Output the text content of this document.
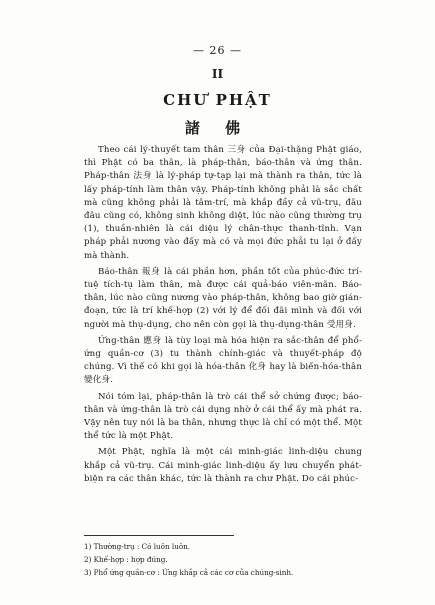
— 26 —
II
CHƯ PHẬT
諸 佛

Theo cái lý-thuyết tam thân 三身 của Đại-thặng Phật giáo, thì Phật có ba thân, là pháp-thân, báo-thân và ứng thân. Pháp-thân 法身 là lý-pháp tự-tạp lại mà thành ra thân, tức là lấy pháp-tính làm thân vậy. Pháp-tính không phải là sắc chất mà cũng không phải là tâm-trí, mà khắp đầy cả vũ-trụ, đâu đâu cũng có, không sinh không diệt, lúc nào cũng thường trụ (1), thuần-nhiên là cái diệu lý chân-thực thanh-tĩnh. Vạn pháp phải nương vào đấy mà có và mọi đức phải tu lại ở đấy mà thành.

Báo-thân 報身 là cái phần hơn, phần tốt của phúc-đức trí-tuệ tích-tụ làm thân, mà được cái quả-báo viên-mãn. Báo-thân, lúc nào cũng nương vào pháp-thân, không bao giờ gián-đoạn, tức là trí khế-hợp (2) với lý để đối đãi mình và đối với người mà thụ-dụng, cho nên còn gọi là thụ-dụng-thân 受用身.

Ứng-thân 應身 là tùy loại mà hóa hiện ra sắc-thân để phổ-ứng quần-cơ (3) tu thành chính-giác và thuyết-pháp độ chúng. Vì thế có khi gọi là hóa-thân 化身 hay là biến-hóa-thân 變化身.

Nói tóm lại, pháp-thân là trò cái thể sở chứng được; báo-thân và ứng-thân là trò cái dụng nhờ ở cái thể ấy mà phát ra. Vậy nên tuy nói là ba thân, nhưng thực là chỉ có một thể. Một thể tức là một Phật.

Một Phật, nghĩa là một cái minh-giác linh-diệu chung khắp cả vũ-trụ. Cái minh-giác linh-diệu ấy lưu chuyển phát-biện ra các thân khác, tức là thành ra chư Phật. Do cái phúc-

1) Thường-trụ : Có luôn luôn.
2) Khế-hợp : hợp đúng.
3) Phổ ứng quần-cơ : Ứng khắp cả các cơ của chúng-sinh.
